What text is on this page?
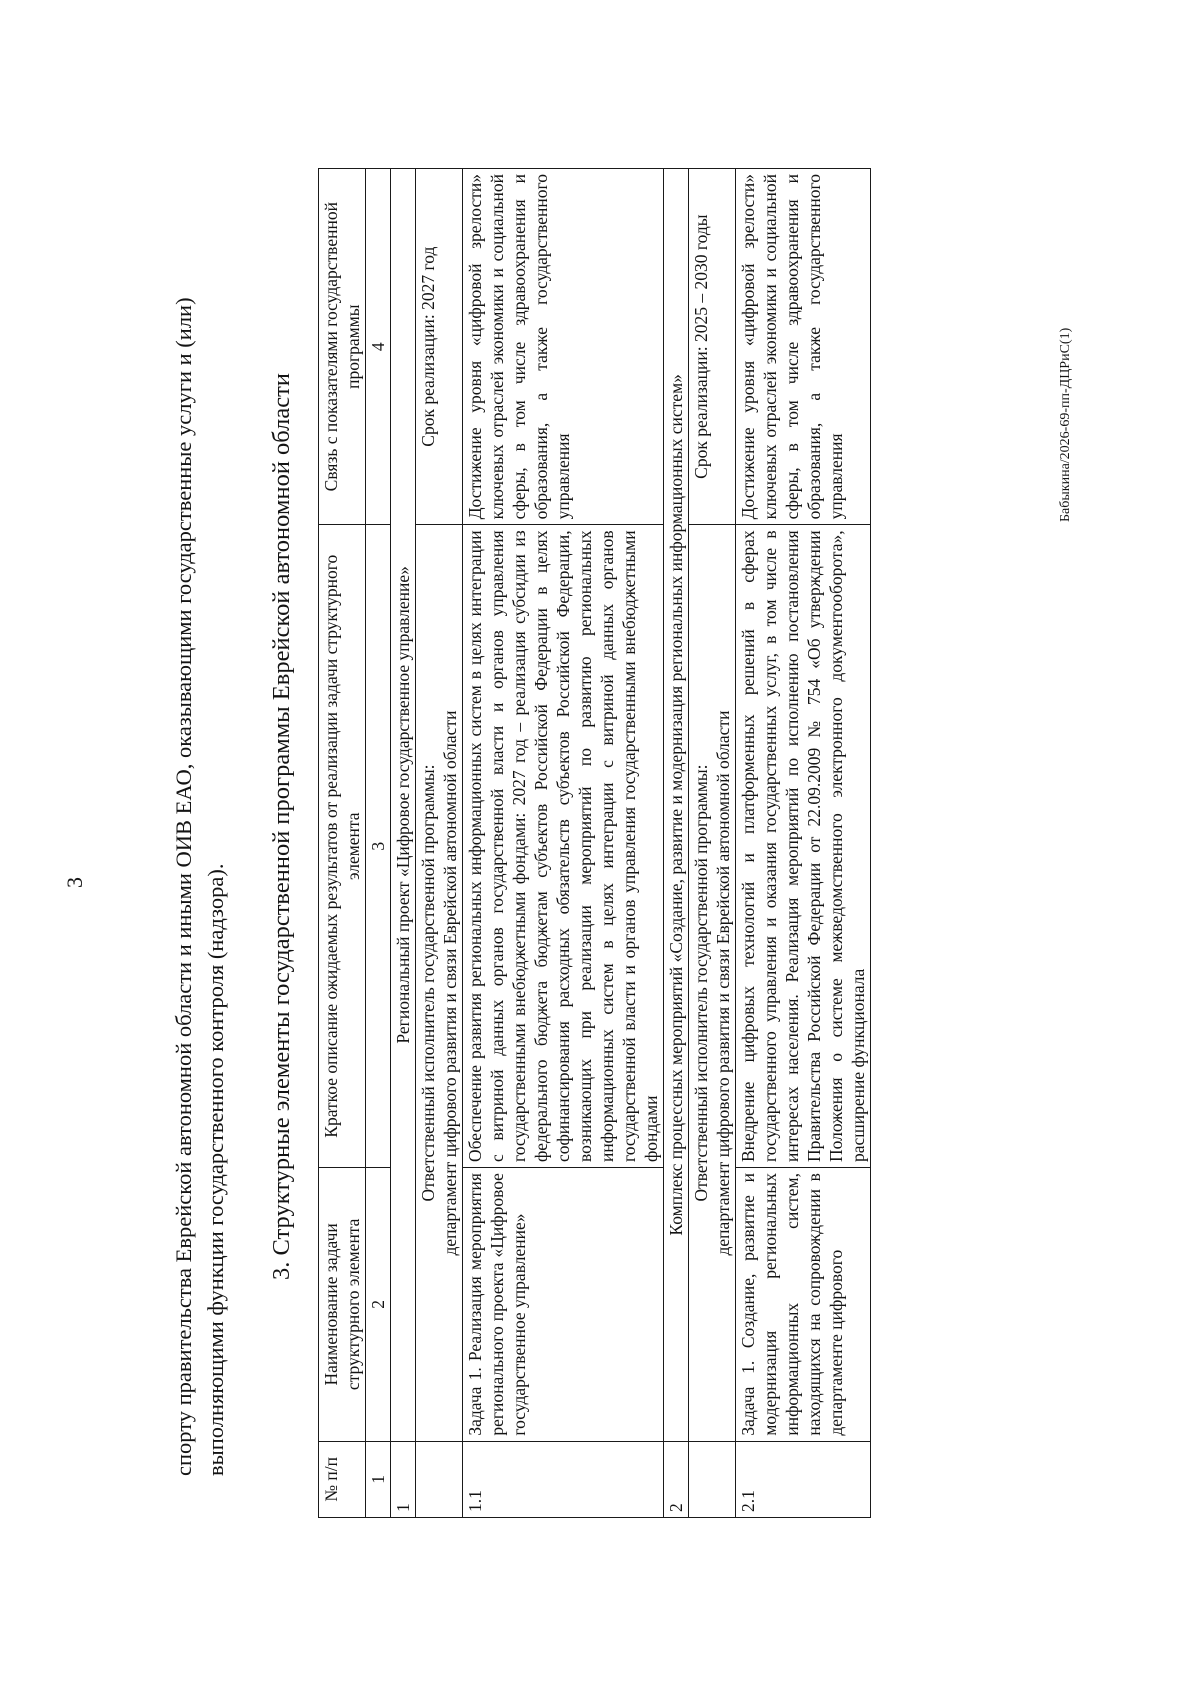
3	спорту правительства Еврейской автономной области и иными ОИВ ЕАО, оказывающими государственные услуги и (или) выполняющими функции государственного контроля (надзора). 3. Структурные элементы государственной программы Еврейской автономной области
№ п/п	Наименование задачи структурного элемента	Краткое описание ожидаемых результатов от реализации задачи структурного элемента	Связь с показателями государственной программы
1	2	3	4
1	Региональный проект «Цифровое государственное управление»		

	Ответственный исполнитель государственной программы: департамент цифрового развития и связи Еврейской автономной области		Срок реализации: 2027 год
1.1	Задача 1. Реализация мероприятия регионального проекта «Цифровое государственное управление»	Обеспечение развития региональных информационных систем в целях интеграции с витриной данных органов государственной власти и органов управления государственными внебюджетными фондами: 2027 год – реализация субсидии из федерального бюджета бюджетам субъектов Российской Федерации в целях софинансирования расходных обязательств субъектов Российской Федерации, возникающих при реализации мероприятий по развитию региональных информационных систем в целях интеграции с витриной данных органов государственной власти и органов управления государственными внебюджетными фондами	Достижение уровня «цифровой зрелости» ключевых отраслей экономики и социальной сферы, в том числе здравоохранения и образования, а также государственного управления
2	Комплекс процессных мероприятий «Создание, развитие и модернизация региональных информационных систем»		

	Ответственный исполнитель государственной программы: департамент цифрового развития и связи Еврейской автономной области		Срок реализации: 2025 – 2030 годы
2.1	Задача 1. Создание, развитие и модернизация региональных информационных систем, находящихся на сопровождении в департаменте цифрового	Внедрение цифровых технологий и платформенных решений в сферах государственного управления и оказания государственных услуг, в том числе в интересах населения. Реализация мероприятий по исполнению постановления Правительства Российской Федерации от 22.09.2009 № 754 «Об утверждении Положения о системе межведомственного электронного документооборота», расширение функционала	Достижение уровня «цифровой зрелости» ключевых отраслей экономики и социальной сферы, в том числе здравоохранения и образования, а также государственного управления	Бабыкина/2026-69-пп-ДЦРиС(1)
